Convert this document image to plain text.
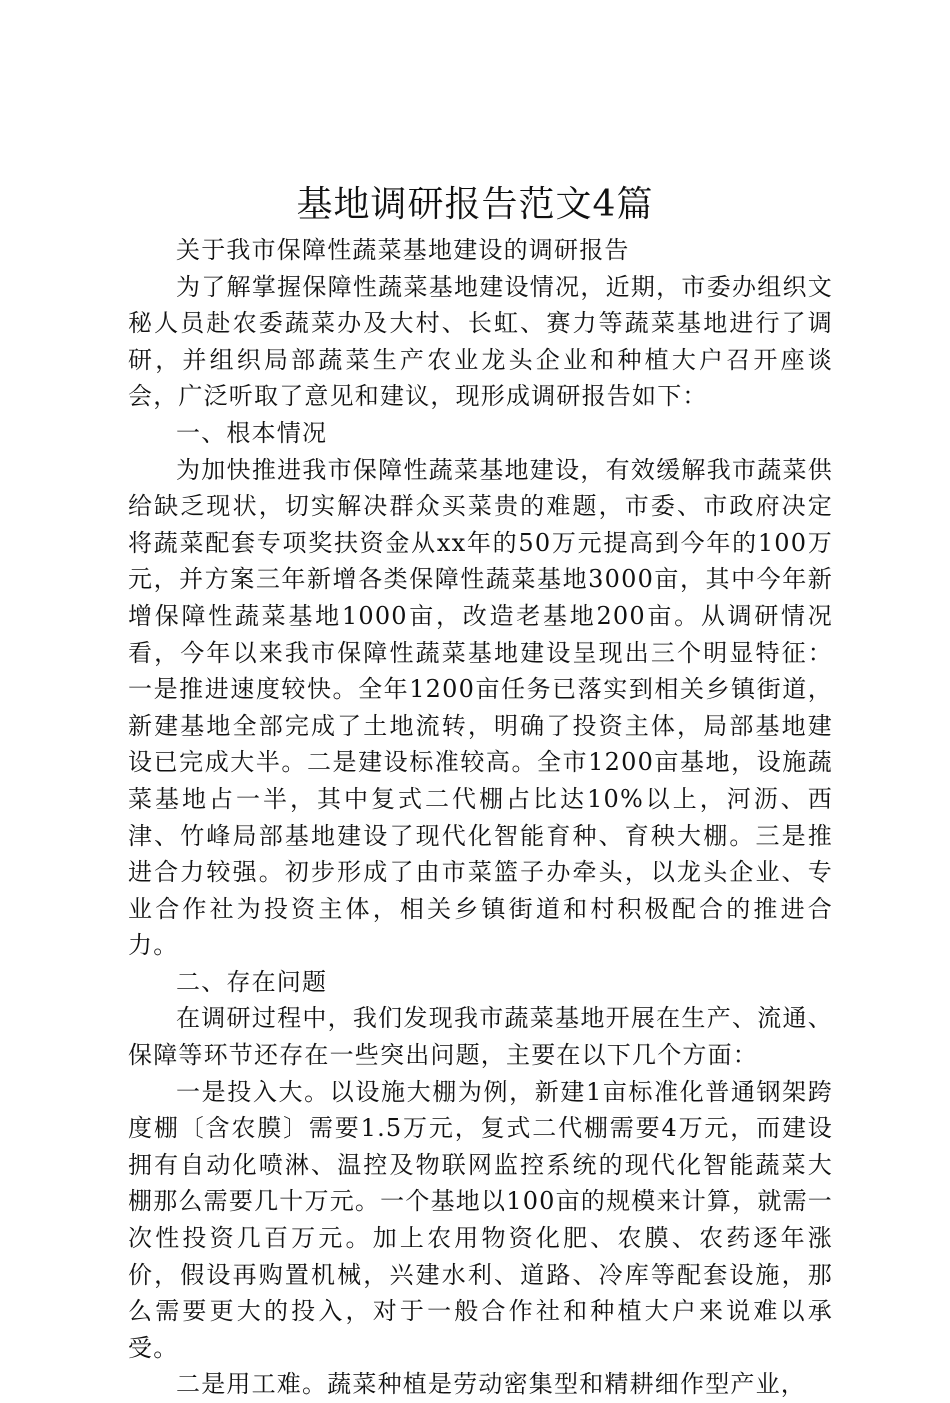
基地调研报告范文4篇

关于我市保障性蔬菜基地建设的调研报告

为了解掌握保障性蔬菜基地建设情况，近期，市委办组织文秘人员赴农委蔬菜办及大村、长虹、赛力等蔬菜基地进行了调研，并组织局部蔬菜生产农业龙头企业和种植大户召开座谈会，广泛听取了意见和建议，现形成调研报告如下：

一、根本情况

为加快推进我市保障性蔬菜基地建设，有效缓解我市蔬菜供给缺乏现状，切实解决群众买菜贵的难题，市委、市政府决定将蔬菜配套专项奖扶资金从xx年的50万元提高到今年的100万元，并方案三年新增各类保障性蔬菜基地3000亩，其中今年新增保障性蔬菜基地1000亩，改造老基地200亩。从调研情况看，今年以来我市保障性蔬菜基地建设呈现出三个明显特征：一是推进速度较快。全年1200亩任务已落实到相关乡镇街道，新建基地全部完成了土地流转，明确了投资主体，局部基地建设已完成大半。二是建设标准较高。全市1200亩基地，设施蔬菜基地占一半，其中复式二代棚占比达10%以上，河沥、西津、竹峰局部基地建设了现代化智能育种、育秧大棚。三是推进合力较强。初步形成了由市菜篮子办牵头，以龙头企业、专业合作社为投资主体，相关乡镇街道和村积极配合的推进合力。

二、存在问题

在调研过程中，我们发现我市蔬菜基地开展在生产、流通、保障等环节还存在一些突出问题，主要在以下几个方面：

一是投入大。以设施大棚为例，新建1亩标准化普通钢架跨度棚〔含农膜〕需要1.5万元，复式二代棚需要4万元，而建设拥有自动化喷淋、温控及物联网监控系统的现代化智能蔬菜大棚那么需要几十万元。一个基地以100亩的规模来计算，就需一次性投资几百万元。加上农用物资化肥、农膜、农药逐年涨价，假设再购置机械，兴建水利、道路、冷库等配套设施，那么需要更大的投入，对于一般合作社和种植大户来说难以承受。

二是用工难。蔬菜种植是劳动密集型和精耕细作型产业，
